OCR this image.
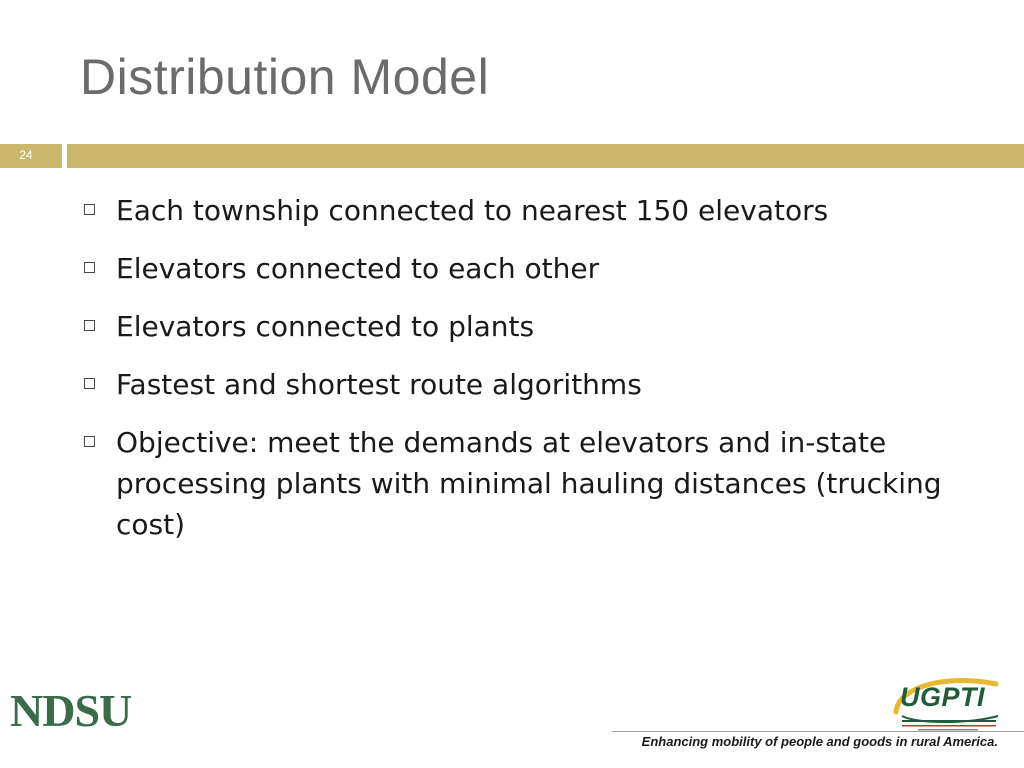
Distribution Model
24
Each township connected to nearest 150 elevators
Elevators connected to each other
Elevators connected to plants
Fastest and shortest route algorithms
Objective: meet the demands at elevators and in-state processing plants with minimal hauling distances (trucking cost)
NDSU	UGPTI
Enhancing mobility of people and goods in rural America.
